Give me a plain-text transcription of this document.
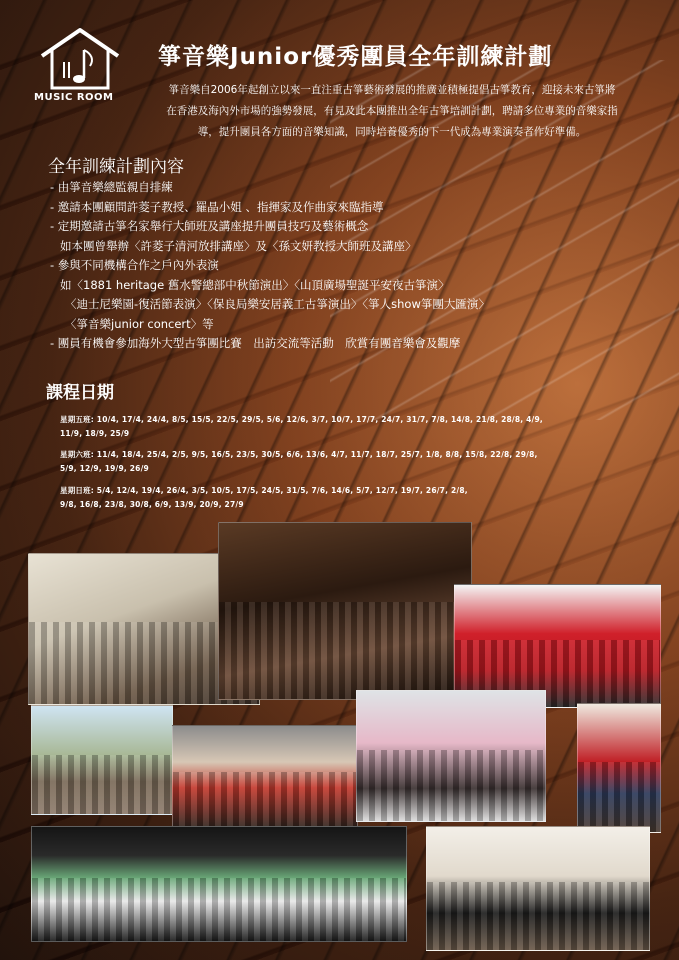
MUSIC ROOM
箏音樂Junior優秀團員全年訓練計劃
箏音樂自2006年起創立以來一直注重古箏藝術發展的推廣並積極提倡古箏教育，迎接未來古箏將
在香港及海內外市場的強勢發展，有見及此本團推出全年古箏培訓計劃，聘請多位專業的音樂家指
導，提升團員各方面的音樂知識，同時培養優秀的下一代成為專業演奏者作好準備。
全年訓練計劃內容
- 由箏音樂總監親自排練
- 邀請本團顧問許菱子教授、羅晶小姐 、指揮家及作曲家來臨指導
- 定期邀請古箏名家舉行大師班及講座提升團員技巧及藝術概念
如本團曾舉辦〈許菱子清河放排講座〉及〈孫文妍教授大師班及講座〉
- 參與不同機構合作之戶內外表演
如〈1881 heritage 舊水警總部中秋節演出〉〈山頂廣場聖誕平安夜古箏演〉
〈迪士尼樂園-復活節表演〉〈保良局樂安居義工古箏演出〉〈箏人show箏團大匯演〉
〈箏音樂junior concert〉等
- 團員有機會參加海外大型古箏團比賽　出訪交流等活動　欣賞有團音樂會及觀摩
課程日期
星期五班: 10/4, 17/4, 24/4, 8/5, 15/5, 22/5, 29/5, 5/6, 12/6, 3/7, 10/7, 17/7, 24/7, 31/7, 7/8, 14/8, 21/8, 28/8, 4/9,
11/9, 18/9, 25/9
星期六班: 11/4, 18/4, 25/4, 2/5, 9/5, 16/5, 23/5, 30/5, 6/6, 13/6, 4/7, 11/7, 18/7, 25/7, 1/8, 8/8, 15/8, 22/8, 29/8,
5/9, 12/9, 19/9, 26/9
星期日班: 5/4, 12/4, 19/4, 26/4, 3/5, 10/5, 17/5, 24/5, 31/5, 7/6, 14/6, 5/7, 12/7, 19/7, 26/7, 2/8,
9/8, 16/8, 23/8, 30/8, 6/9, 13/9, 20/9, 27/9
